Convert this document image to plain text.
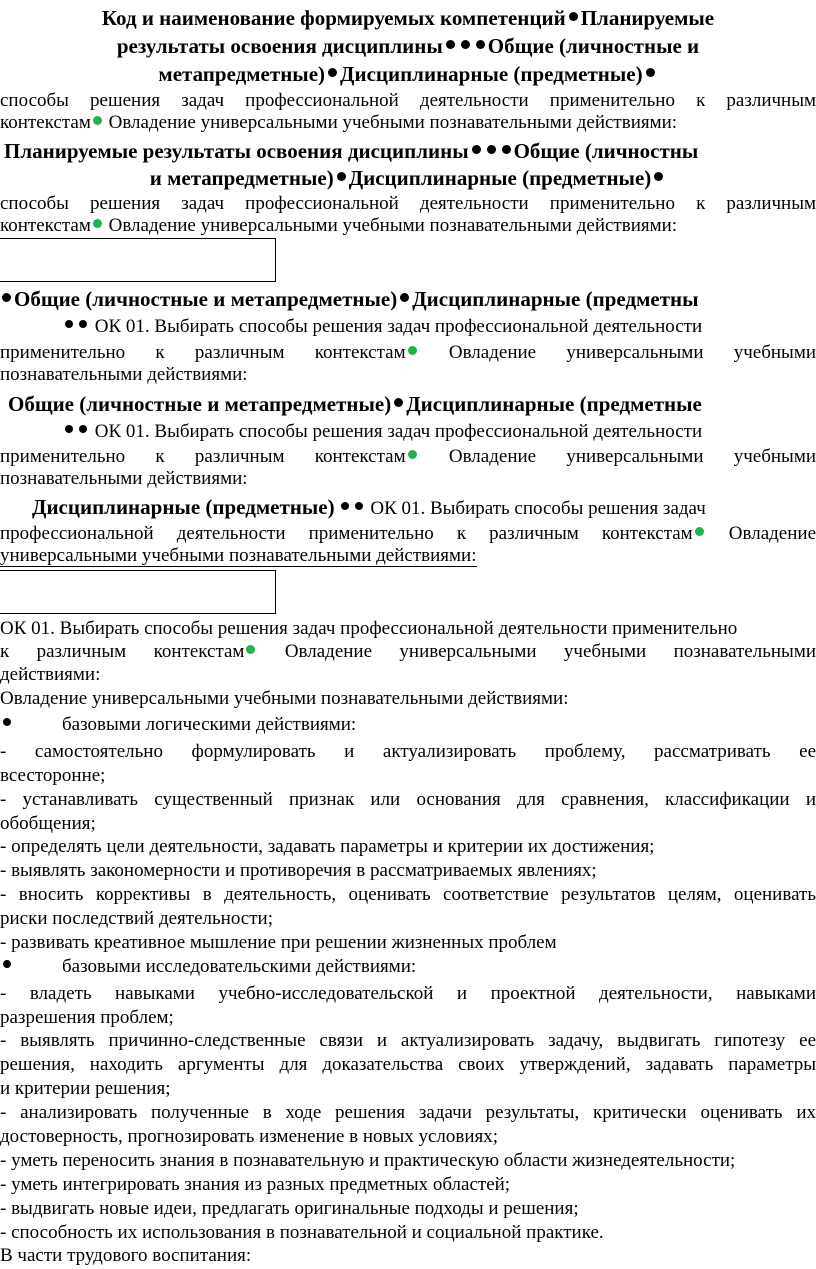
Код и наименование формируемых компетенций Планируемые
результаты освоения дисциплины Общие (личностные и
метапредметные) Дисциплинарные (предметные)
способы решения задач профессиональной деятельности применительно к различным
контекстам Овладение универсальными учебными познавательными действиями:
Планируемые результаты освоения дисциплины Общие (личностны
и метапредметные) Дисциплинарные (предметные)
способы решения задач профессиональной деятельности применительно к различным
контекстам Овладение универсальными учебными познавательными действиями:
Общие (личностные и метапредметные) Дисциплинарные (предметны
ОК 01. Выбирать способы решения задач профессиональной деятельности
применительно к различным контекстам Овладение универсальными учебными
познавательными действиями:
Общие (личностные и метапредметные) Дисциплинарные (предметные
ОК 01. Выбирать способы решения задач профессиональной деятельности
применительно к различным контекстам Овладение универсальными учебными
познавательными действиями:
Дисциплинарные (предметные) ОК 01. Выбирать способы решения задач
профессиональной деятельности применительно к различным контекстам Овладение
универсальными учебными познавательными действиями:
ОК 01. Выбирать способы решения задач профессиональной деятельности применительно
к различным контекстам Овладение универсальными учебными познавательными
действиями:
Овладение универсальными учебными познавательными действиями:
базовыми логическими действиями:
- самостоятельно формулировать и актуализировать проблему, рассматривать ее
всесторонне;
- устанавливать существенный признак или основания для сравнения, классификации и
обобщения;
- определять цели деятельности, задавать параметры и критерии их достижения;
- выявлять закономерности и противоречия в рассматриваемых явлениях;
- вносить коррективы в деятельность, оценивать соответствие результатов целям, оценивать
риски последствий деятельности;
- развивать креативное мышление при решении жизненных проблем
базовыми исследовательскими действиями:
- владеть навыками учебно-исследовательской и проектной деятельности, навыками
разрешения проблем;
- выявлять причинно-следственные связи и актуализировать задачу, выдвигать гипотезу ее
решения, находить аргументы для доказательства своих утверждений, задавать параметры
и критерии решения;
- анализировать полученные в ходе решения задачи результаты, критически оценивать их
достоверность, прогнозировать изменение в новых условиях;
- уметь переносить знания в познавательную и практическую области жизнедеятельности;
- уметь интегрировать знания из разных предметных областей;
- выдвигать новые идеи, предлагать оригинальные подходы и решения;
- способность их использования в познавательной и социальной практике.
В части трудового воспитания:
